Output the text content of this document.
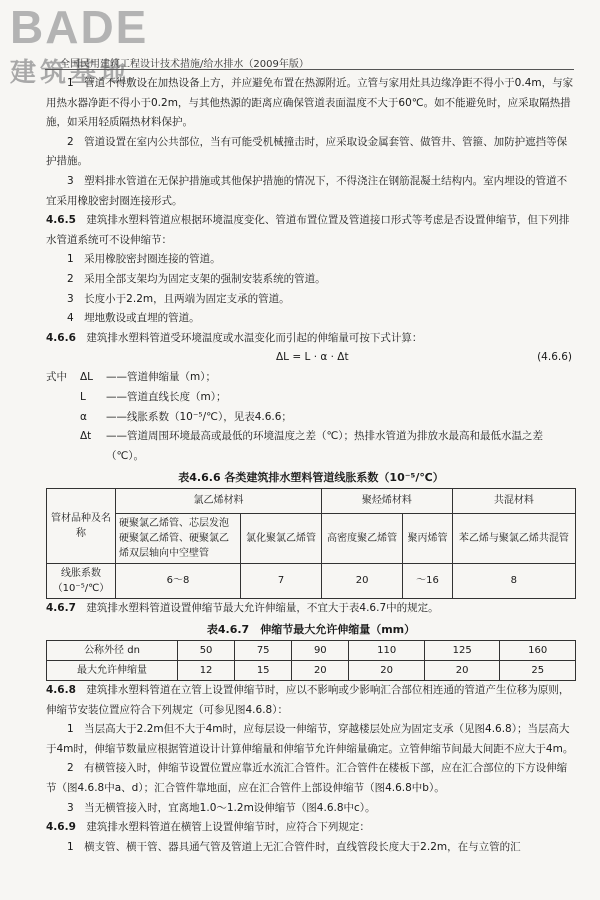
BADE
建筑基地
全国民用建筑工程设计技术措施/给水排水（2009年版）

1　管道不得敷设在加热设备上方，并应避免布置在热源附近。立管与家用灶具边缘净距不得小于0.4m，与家用热水器净距不得小于0.2m，与其他热源的距离应确保管道表面温度不大于60℃。如不能避免时，应采取隔热措施，如采用轻质隔热材料保护。

2　管道设置在室内公共部位，当有可能受机械撞击时，应采取设金属套管、做管井、管箍、加防护遮挡等保护措施。

3　塑料排水管道在无保护措施或其他保护措施的情况下，不得浇注在钢筋混凝土结构内。室内埋设的管道不宜采用橡胶密封圈连接形式。

4.6.5　 建筑排水塑料管道应根据环境温度变化、管道布置位置及管道接口形式等考虑是否设置伸缩节，但下列排水管道系统可不设伸缩节：

1　采用橡胶密封圈连接的管道。

2　采用全部支架均为固定支架的强制安装系统的管道。

3　长度小于2.2m，且两端为固定支承的管道。

4　埋地敷设或直埋的管道。

4.6.6　 建筑排水塑料管道受环境温度或水温变化而引起的伸缩量可按下式计算：

ΔL = L · α · Δt	(4.6.6)
式中	ΔL	——管道伸缩量（m）；
L	——管道直线长度（m）；
α	——线胀系数（10⁻⁵/℃），见表4.6.6；
Δt	——管道周围环境最高或最低的环境温度之差（℃）；热排水管道为排放水最高和最低水温之差（℃）。
表4.6.6 各类建筑排水塑料管道线胀系数（10⁻⁵/℃）
管材品种及名称	氯乙烯材料		聚烃烯材料		共混材料
	硬聚氯乙烯管、芯层发泡硬聚氯乙烯管、硬聚氯乙烯双层轴向中空壁管	氯化聚氯乙烯管	高密度聚乙烯管	聚丙烯管	苯乙烯与聚氯乙烯共混管
线胀系数（10⁻⁵/℃）	6～8	7	20	～16	8

4.6.7　 建筑排水塑料管道设置伸缩节最大允许伸缩量，不宜大于表4.6.7中的规定。

表4.6.7　伸缩节最大允许伸缩量（mm）
公称外径 dn	50	75	90	110	125	160
最大允许伸缩量	12	15	20	20	20	25

4.6.8　 建筑排水塑料管道在立管上设置伸缩节时，应以不影响或少影响汇合部位相连通的管道产生位移为原则，伸缩节安装位置应符合下列规定（可参见图4.6.8）：

1　当层高大于2.2m但不大于4m时，应每层设一伸缩节，穿越楼层处应为固定支承（见图4.6.8）；当层高大于4m时，伸缩节数量应根据管道设计计算伸缩量和伸缩节允许伸缩量确定。立管伸缩节间最大间距不应大于4m。

2　有横管接入时，伸缩节设置位置应靠近水流汇合管件。汇合管件在楼板下部，应在汇合部位的下方设伸缩节（图4.6.8中a、d）；汇合管件靠地面，应在汇合管件上部设伸缩节（图4.6.8中b）。

3　当无横管接入时，宜离地1.0～1.2m设伸缩节（图4.6.8中c）。

4.6.9　 建筑排水塑料管道在横管上设置伸缩节时，应符合下列规定：

1　横支管、横干管、器具通气管及管道上无汇合管件时，直线管段长度大于2.2m，在与立管的汇
